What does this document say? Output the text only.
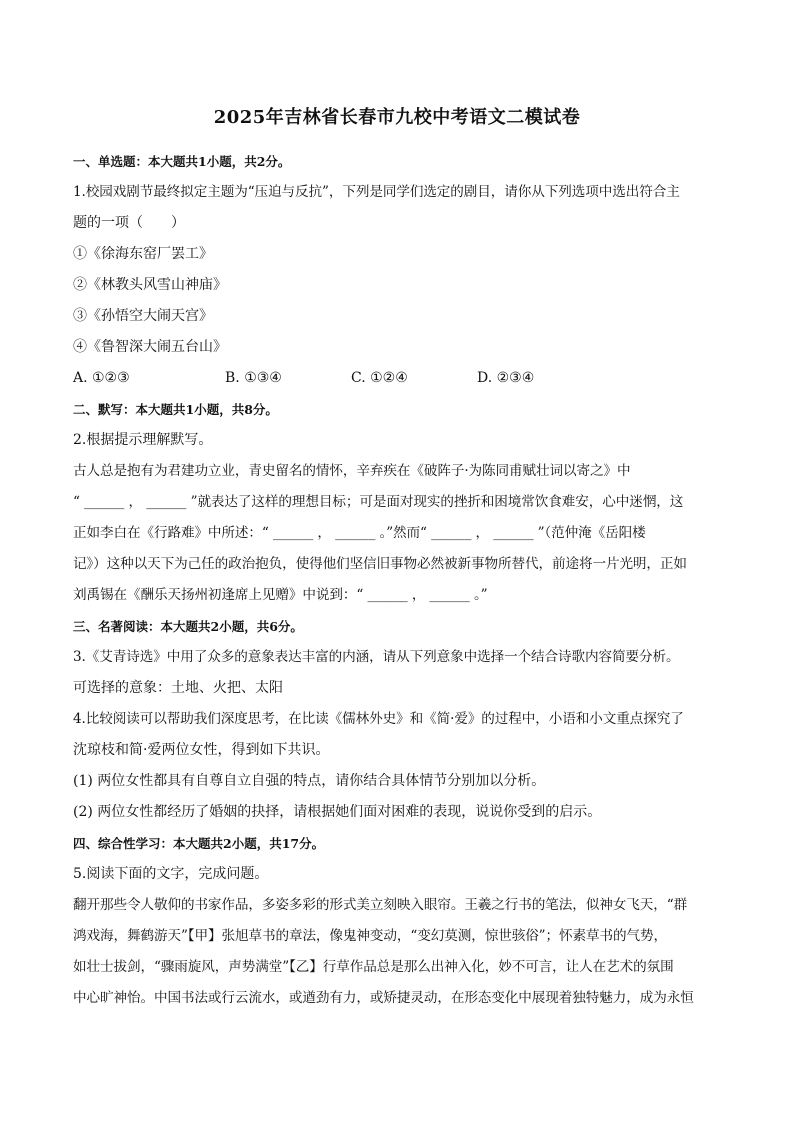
2025年吉林省长春市九校中考语文二模试卷

一、单选题：本大题共1小题，共2分。

1.校园戏剧节最终拟定主题为“压迫与反抗”，下列是同学们选定的剧目，请你从下列选项中选出符合主

题的一项（　　）

①《徐海东窑厂罢工》

②《林教头风雪山神庙》

③《孙悟空大闹天宫》

④《鲁智深大闹五台山》

A. ①②③	B. ①③④	C. ①②④	D. ②③④

二、默写：本大题共1小题，共8分。

2.根据提示理解默写。

古人总是抱有为君建功立业，青史留名的情怀，辛弃疾在《破阵子·为陈同甫赋壮词以寄之》中

“ ______ ， ______ ”就表达了这样的理想目标；可是面对现实的挫折和困境常饮食难安，心中迷惘，这

正如李白在《行路难》中所述：“ ______ ， ______ 。”然而“ ______ ， ______ ”（范仲淹《岳阳楼

记》）这种以天下为己任的政治抱负，使得他们坚信旧事物必然被新事物所替代，前途将一片光明，正如

刘禹锡在《酬乐天扬州初逢席上见赠》中说到：“ ______ ， ______ 。”

三、名著阅读：本大题共2小题，共6分。

3.《艾青诗选》中用了众多的意象表达丰富的内涵，请从下列意象中选择一个结合诗歌内容简要分析。

可选择的意象：土地、火把、太阳

4.比较阅读可以帮助我们深度思考，在比读《儒林外史》和《简·爱》的过程中，小语和小文重点探究了

沈琼枝和简·爱两位女性，得到如下共识。

(1) 两位女性都具有自尊自立自强的特点，请你结合具体情节分别加以分析。

(2) 两位女性都经历了婚姻的抉择，请根据她们面对困难的表现，说说你受到的启示。

四、综合性学习：本大题共2小题，共17分。

5.阅读下面的文字，完成问题。

翻开那些令人敬仰的书家作品，多姿多彩的形式美立刻映入眼帘。王羲之行书的笔法，似神女飞天，“群

鸿戏海，舞鹤游天”【甲】张旭草书的章法，像鬼神变动，“变幻莫测，惊世骇俗”；怀素草书的气势，

如壮士拔剑，“骤雨旋风，声势满堂”【乙】行草作品总是那么出神入化，妙不可言，让人在艺术的氛围

中心旷神怡。中国书法或行云流水，或遒劲有力，或矫捷灵动，在形态变化中展现着独特魅力，成为永恒
